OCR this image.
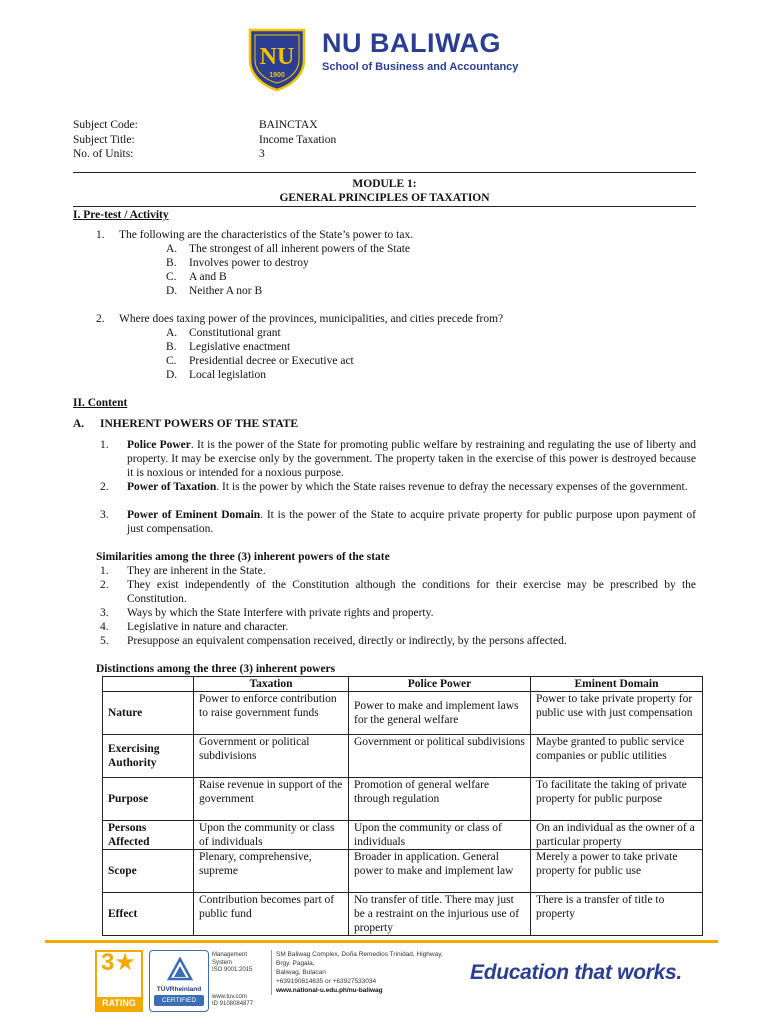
NU
1900
NU BALIWAG
School of Business and Accountancy
Subject Code:	BAINCTAX
Subject Title:	Income Taxation
No. of Units:	3
MODULE 1:
GENERAL PRINCIPLES OF TAXATION
I. Pre-test / Activity
1. The following are the characteristics of the State’s power to tax.
A. The strongest of all inherent powers of the State
B. Involves power to destroy
C. A and B
D. Neither A nor B
2. Where does taxing power of the provinces, municipalities, and cities precede from?
A. Constitutional grant
B. Legislative enactment
C. Presidential decree or Executive act
D. Local legislation
II. Content
A. INHERENT POWERS OF THE STATE
1. Police Power. It is the power of the State for promoting public welfare by restraining and regulating the use of liberty and property. It may be exercise only by the government. The property taken in the exercise of this power is destroyed because it is noxious or intended for a noxious purpose.
2. Power of Taxation. It is the power by which the State raises revenue to defray the necessary expenses of the government.
3. Power of Eminent Domain. It is the power of the State to acquire private property for public purpose upon payment of just compensation.
Similarities among the three (3) inherent powers of the state
1. They are inherent in the State.
2. They exist independently of the Constitution although the conditions for their exercise may be prescribed by the Constitution.
3. Ways by which the State Interfere with private rights and property.
4. Legislative in nature and character.
5. Presuppose an equivalent compensation received, directly or indirectly, by the persons affected.
Distinctions among the three (3) inherent powers
	Taxation	Police Power	Eminent Domain
Nature	Power to enforce contribution to raise government funds	Power to make and implement laws for the general welfare	Power to take private property for public use with just compensation
Exercising Authority	Government or political subdivisions	Government or political subdivisions	Maybe granted to public service companies or public utilities
Purpose	Raise revenue in support of the government	Promotion of general welfare through regulation	To facilitate the taking of private property for public purpose
Persons Affected	Upon the community or class of individuals	Upon the community or class of individuals	On an individual as the owner of a particular property
Scope	Plenary, comprehensive, supreme	Broader in application. General power to make and implement law	Merely a power to take private property for public use
Effect	Contribution becomes part of public fund	No transfer of title. There may just be a restraint on the injurious use of property	There is a transfer of title to property
3★
RATING
TÜVRheinland
CERTIFIED
Management
System
ISO 9001:2015
www.tuv.com
ID 9108084877
SM Baliwag Complex, Doña Remedios Trinidad, Highway,
Brgy. Pagala,
Baliwag, Bulacan
+639190814635 or +63927533034
www.national-u.edu.ph/nu-baliwag
Education that works.
